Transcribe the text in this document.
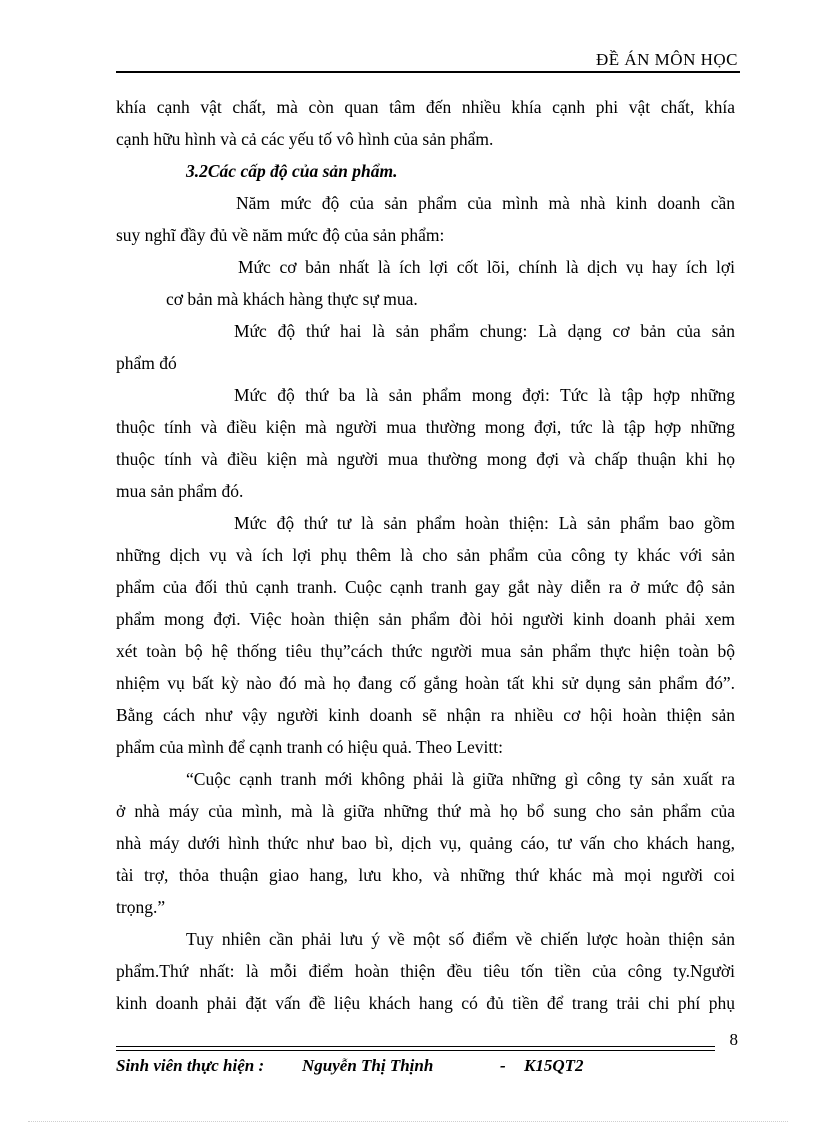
ĐỀ ÁN MÔN HỌC
khía cạnh vật chất, mà còn quan tâm đến nhiều khía cạnh phi vật chất, khía
cạnh hữu hình và cả các yếu tố vô hình của sản phẩm.
3.2Các cấp độ của sản phẩm.
Năm mức độ của sản phẩm của mình mà nhà kinh doanh cần
suy nghĩ đầy đủ về năm mức độ của sản phẩm:
Mức cơ bản nhất là ích lợi cốt lõi, chính là dịch vụ hay ích lợi
cơ bản mà khách hàng thực sự mua.
Mức độ thứ hai là sản phẩm chung: Là dạng cơ bản của sản
phẩm đó
Mức độ thứ ba là sản phẩm mong đợi: Tức là tập hợp những
thuộc tính và điều kiện mà người mua thường mong đợi, tức là tập hợp những
thuộc tính và điều kiện mà người mua thường mong đợi và chấp thuận khi họ
mua sản phẩm đó.
Mức độ thứ tư là sản phẩm hoàn thiện: Là sản phẩm bao gồm
những dịch vụ và ích lợi phụ thêm là cho sản phẩm của công ty khác với sản
phẩm của đối thủ cạnh tranh. Cuộc cạnh tranh gay gắt này diễn ra ở mức độ sản
phẩm mong đợi. Việc hoàn thiện sản phẩm đòi hỏi người kinh doanh phải xem
xét toàn bộ hệ thống tiêu thụ”cách thức người mua sản phẩm thực hiện toàn bộ
nhiệm vụ bất kỳ nào đó mà họ đang cố gắng hoàn tất khi sử dụng sản phẩm đó”.
Bằng cách như vậy người kinh doanh sẽ nhận ra nhiều cơ hội hoàn thiện sản
phẩm của mình để cạnh tranh có hiệu quả. Theo Levitt:
“Cuộc cạnh tranh mới không phải là giữa những gì công ty sản xuất ra
ở nhà máy của mình, mà là giữa những thứ mà họ bổ sung cho sản phẩm của
nhà máy dưới hình thức như bao bì, dịch vụ, quảng cáo, tư vấn cho khách hang,
tài trợ, thỏa thuận giao hang, lưu kho, và những thứ khác mà mọi người coi
trọng.”
Tuy nhiên cần phải lưu ý về một số điểm về chiến lược hoàn thiện sản
phẩm.Thứ nhất: là mỗi điểm hoàn thiện đều tiêu tốn tiền của công ty.Người
kinh doanh phải đặt vấn đề liệu khách hang có đủ tiền để trang trải chi phí phụ
8
Sinh viên thực hiện : Nguyễn Thị Thịnh	- K15QT2
